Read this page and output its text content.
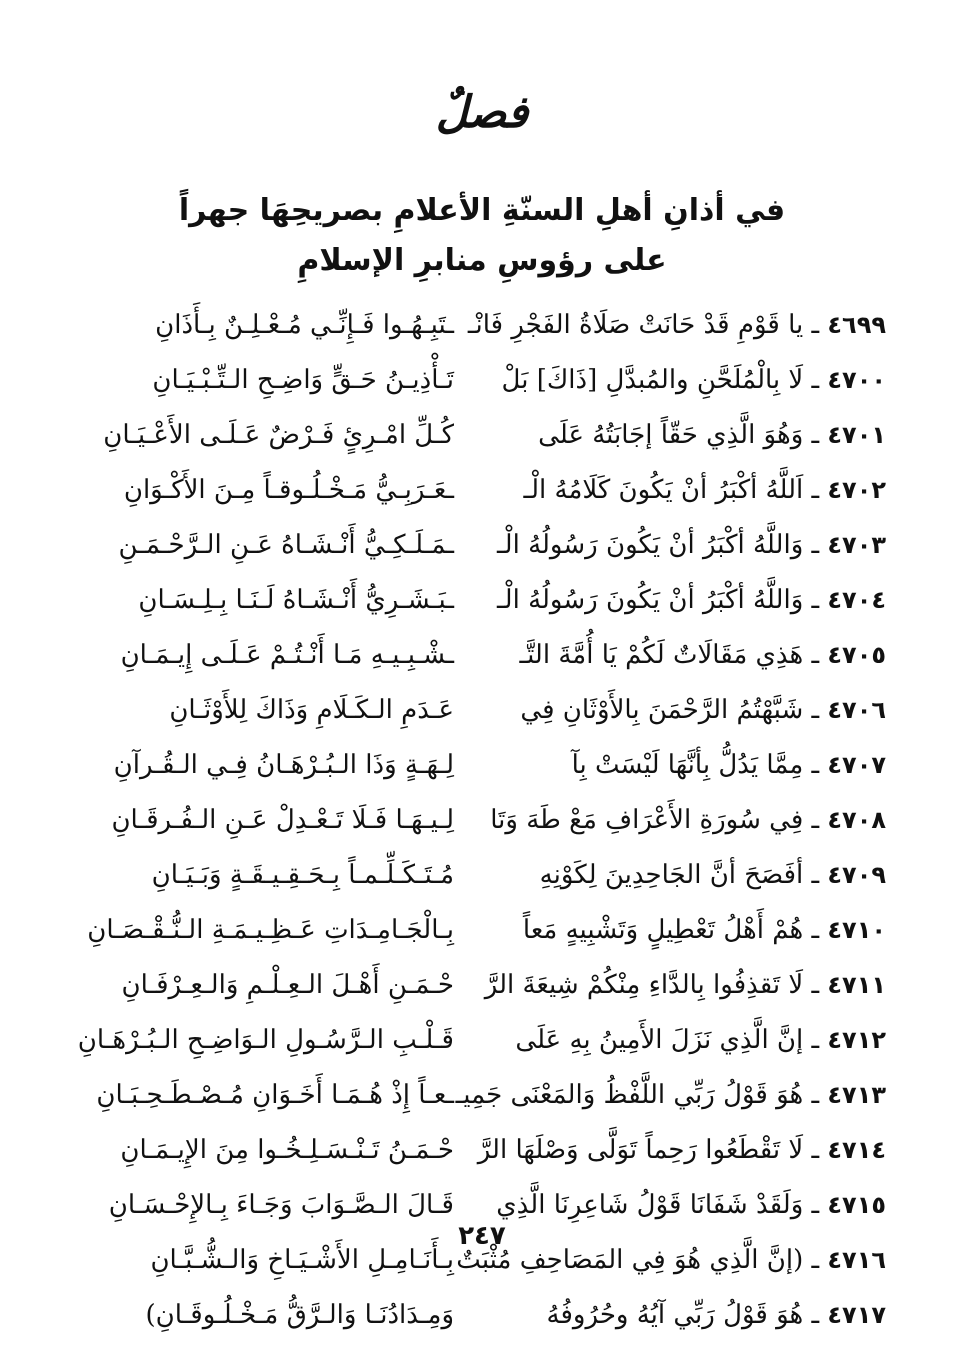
فصلٌ
في أذانِ أهلِ السنّةِ الأعلامِ بصريحِهَا جهراً
على رؤوسِ منابرِ الإسلامِ
٤٦٩٩ ـ يا قَوْمِ قَدْ حَانَتْ صَلَاةُ الفَجْرِ فَانْـ
ـتَبِـهُـوا فَـإِنِّـي مُـعْـلِـنٌ بِـأَذَانِ
٤٧٠٠ ـ لَا بِالْمُلَحَّنِ والمُبدَّلِ [ذَاكَ] بَلْ
تَـأْذِيـنُ حَـقٍّ وَاضِـحِ الـتِّـبْـيَـانِ
٤٧٠١ ـ وَهُوَ الَّذِي حَقّاً إجَابَتُهُ عَلَى
كُـلِّ امْـرِئٍ فَـرْضٌ عَـلَـى الأَعْـيَـانِ
٤٧٠٢ ـ اَللَّهُ أكْبَرُ أنْ يَكُونَ كَلَامُهُ الْـ
ـعَـرَبِـيُّ مَـخْـلُـوقـاً مِـنَ الأَكْـوَانِ
٤٧٠٣ ـ وَاللَّهُ أكْبَرُ أنْ يَكُونَ رَسُولُهُ الْـ
ـمَـلَـكِـيُّ أَنْـشَـاهُ عَـنِ الـرَّحْـمَـنِ
٤٧٠٤ ـ وَاللَّهُ أكْبَرُ أنْ يَكُونَ رَسُولُهُ الْـ
ـبَـشَـرِيُّ أَنْـشَـاهُ لَـنَـا بِـلِـسَـانِ
٤٧٠٥ ـ هَذِي مَقَالَاتٌ لَكُمْ يَا أُمَّةَ التَّـ
ـشْـبِـيـهِ مَـا أَنْـتُـمْ عَـلَـى إِيـمَـانِ
٤٧٠٦ ـ شَبَّهْتُمُ الرَّحْمَنَ بِالأَوْثَانِ فِي
عَـدَمِ الـكَـلَامِ وَذَاكَ لِلأَوْثَـانِ
٤٧٠٧ ـ مِمَّا يَدُلُّ بِأنَّهَا لَيْسَتْ بِآ
لِـهَـةٍ وَذَا الـبُـرْهَـانُ فِـي الـقُـرآنِ
٤٧٠٨ ـ فِي سُورَةِ الأَعْرَافِ مَعْ طَهَ وَتَا
لِـيـهَـا فَـلَا تَـعْـدِلْ عَـنِ الـفُـرقَـانِ
٤٧٠٩ ـ أفَصَحَ أنَّ الجَاحِدِينَ لِكَوْنِهِ
مُـتَـكَـلِّـمـاً بِـحَـقِـيـقَـةٍ وَبَـيَـانِ
٤٧١٠ ـ هُمْ أَهْلُ تَعْطِيلٍ وَتَشْبِيهٍ مَعاً
بِـالْجَـامِـدَاتِ عَـظِـيـمَـةِ الـنُّـقْـصَـانِ
٤٧١١ ـ لَا تَقذِفُوا بِالدَّاءِ مِنْكُمْ شِيعَةَ الرَّ
حْـمَـنِ أَهْـلَ الـعِـلْـمِ وَالـعِـرْفَـانِ
٤٧١٢ ـ إنَّ الَّذِي نَزَلَ الأَمِينُ بِهِ عَلَى
قَـلْـبِ الـرَّسُـولِ الـوَاضِـحِ الـبُـرْهَـانِ
٤٧١٣ ـ هُوَ قَوْلُ رَبِّي اللَّفْظُ وَالمَعْنَى جَمِيـ
ـعـاً إِذْ هُـمَـا أَخَـوَانِ مُـصْـطَـحِـبَـانِ
٤٧١٤ ـ لَا تَقْطَعُوا رَحِماً تَوَلَّى وَصْلَهَا الرَّ
حْـمَـنُ تَـنْـسَـلِـخُـوا مِنَ الإِيـمَـانِ
٤٧١٥ ـ وَلَقَدْ شَفَانَا قَوْلُ شَاعِرِنَا الَّذِي
قَـالَ الـصَّـوَابَ وَجَـاءَ بِـالإِحْـسَـانِ
٤٧١٦ ـ (إنَّ الَّذِي هُوَ فِي المَصَاحِفِ مُثْبَتٌ
بِـأَنَـامِـلِ الأَشْـيَـاخِ وَالـشُّـبَّـانِ
٤٧١٧ ـ هُوَ قَوْلُ رَبِّي آيُهُ وحُرُوفُهُ
وَمِـدَادُنَـا وَالـرَّقُّ مَـخْـلُـوقَـانِ)
٢٤٧
